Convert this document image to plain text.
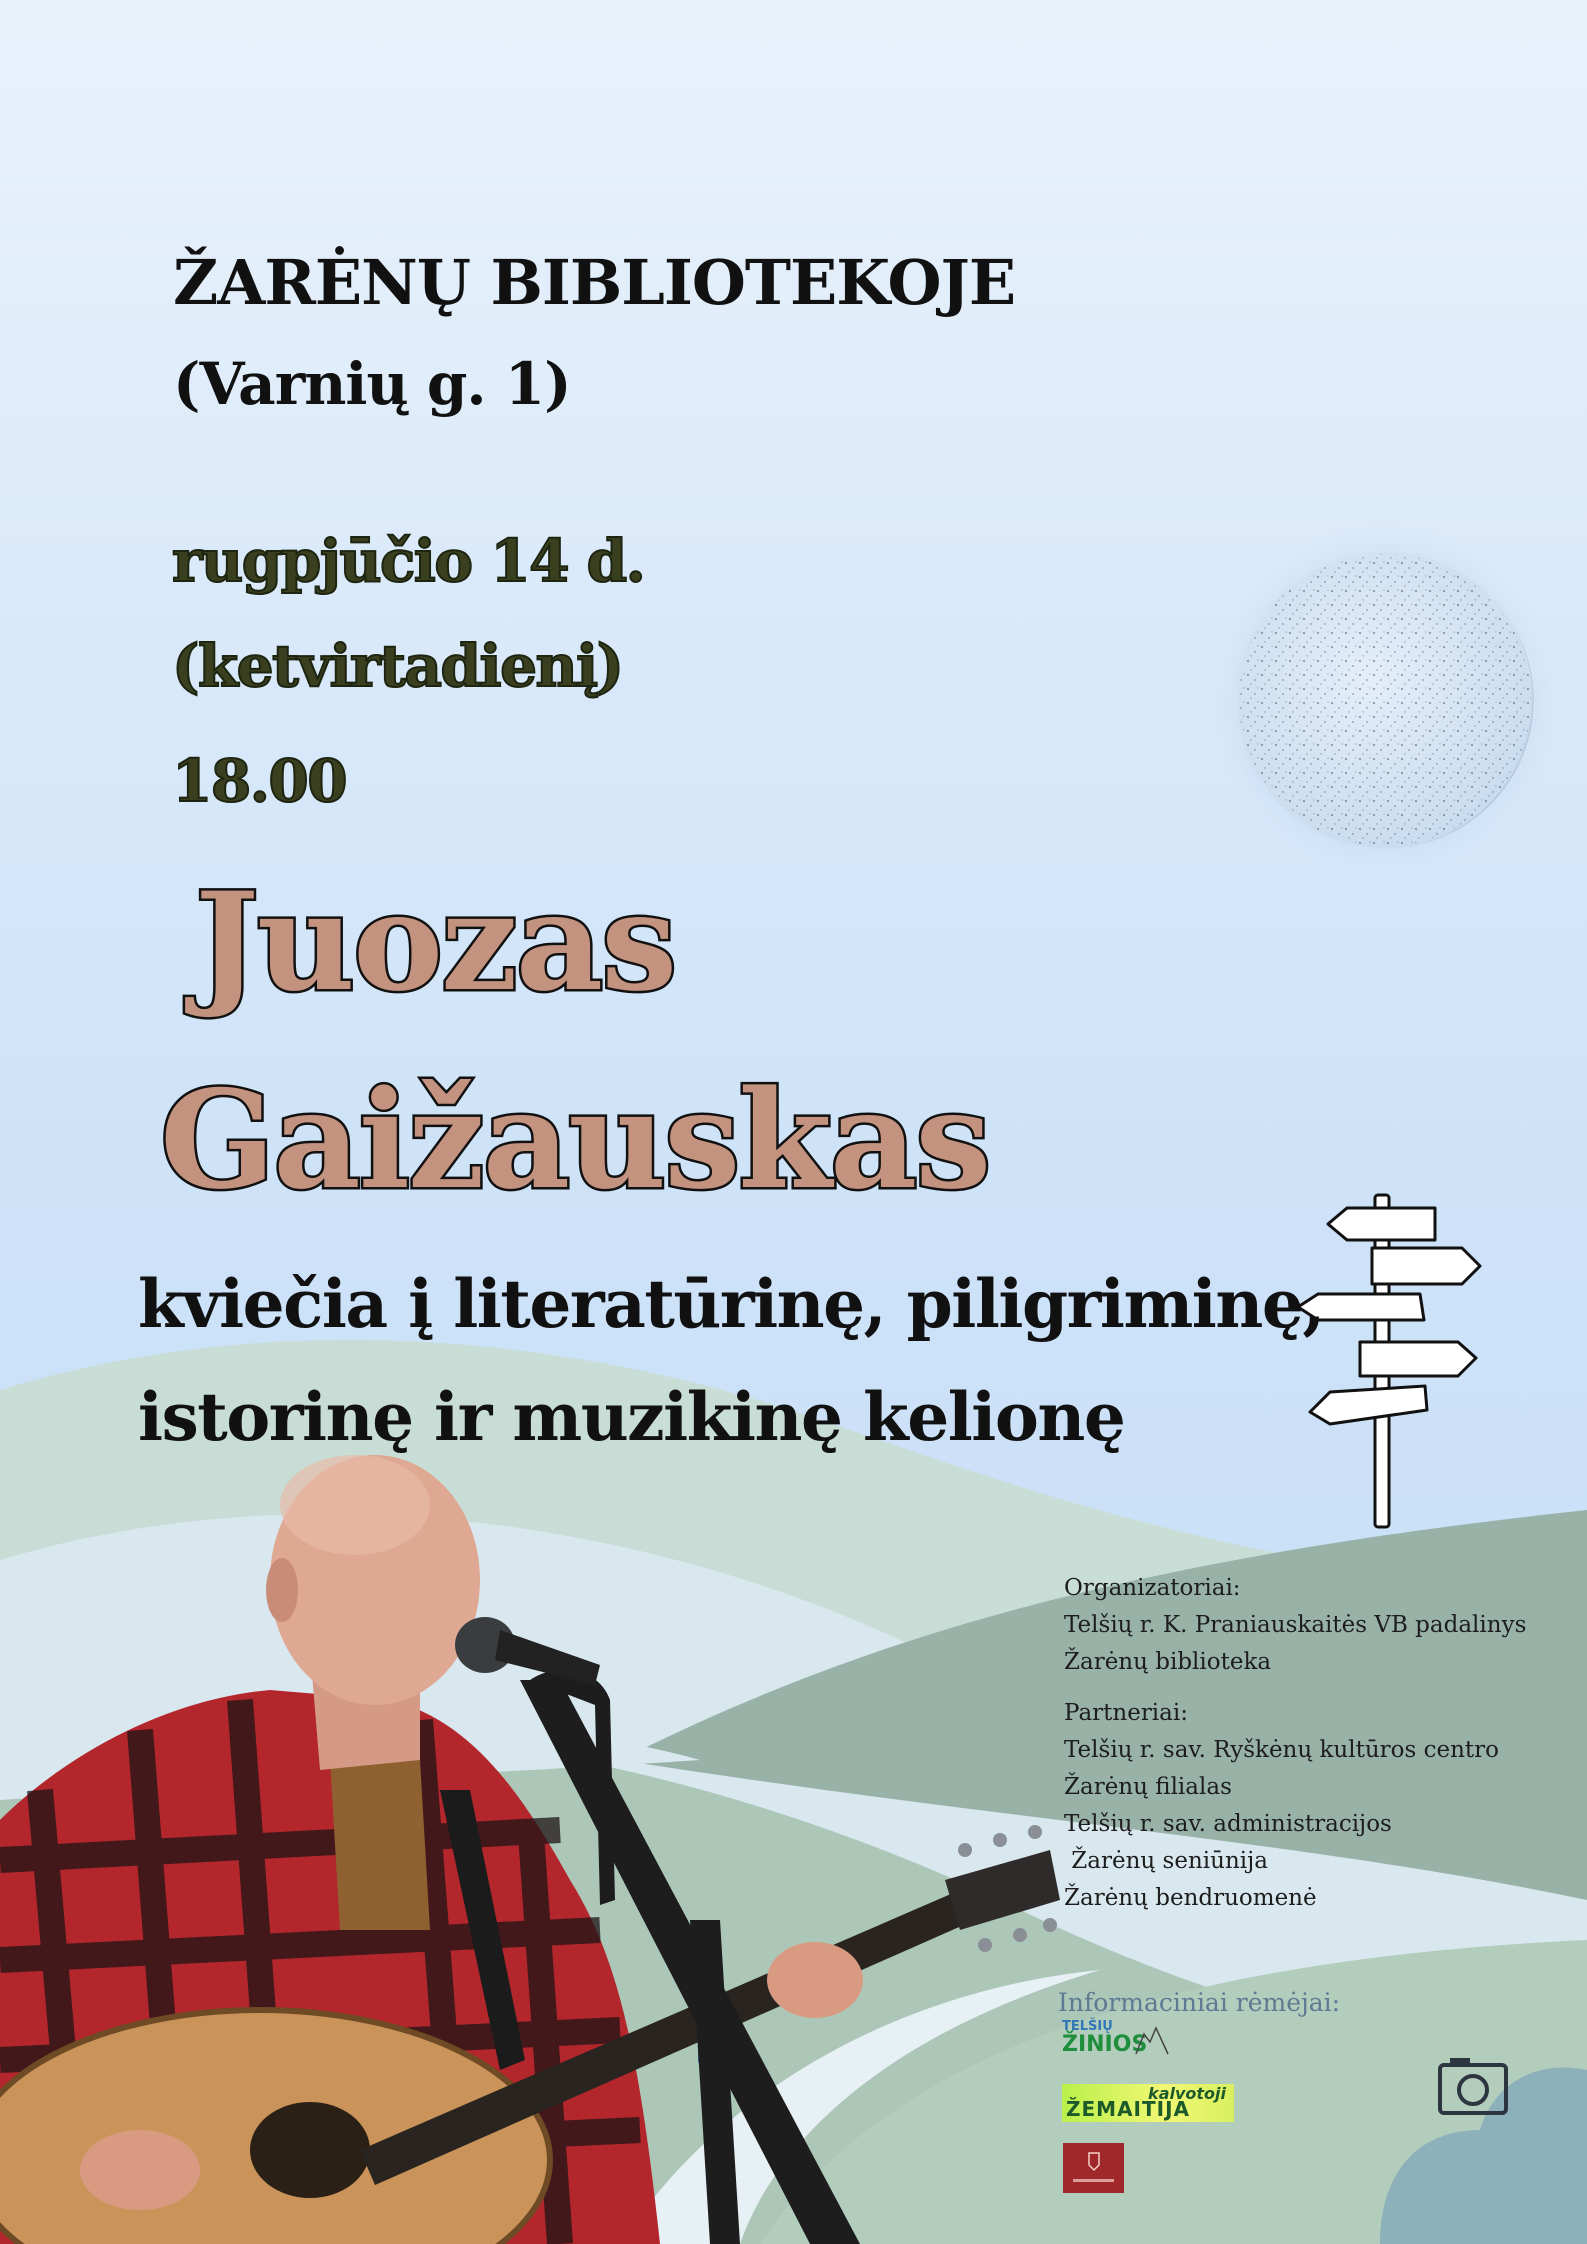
ŽARĖNŲ BIBLIOTEKOJE
(Varnių g. 1)
rugpjūčio 14 d.
(ketvirtadienį)
18.00
Juozas
Gaižauskas
kviečia į literatūrinę, piligriminę,
istorinę ir muzikinę kelionę
Organizatoriai:
Telšių r. K. Praniauskaitės VB padalinys
Žarėnų biblioteka
Partneriai:
Telšių r. sav. Ryškėnų kultūros centro
Žarėnų filialas
Telšių r. sav. administracijos
Žarėnų seniūnija
Žarėnų bendruomenė
Informaciniai rėmėjai:
TELŠIŲ
ŽINIOS
kalvotoji
ŽEMAITIJA
